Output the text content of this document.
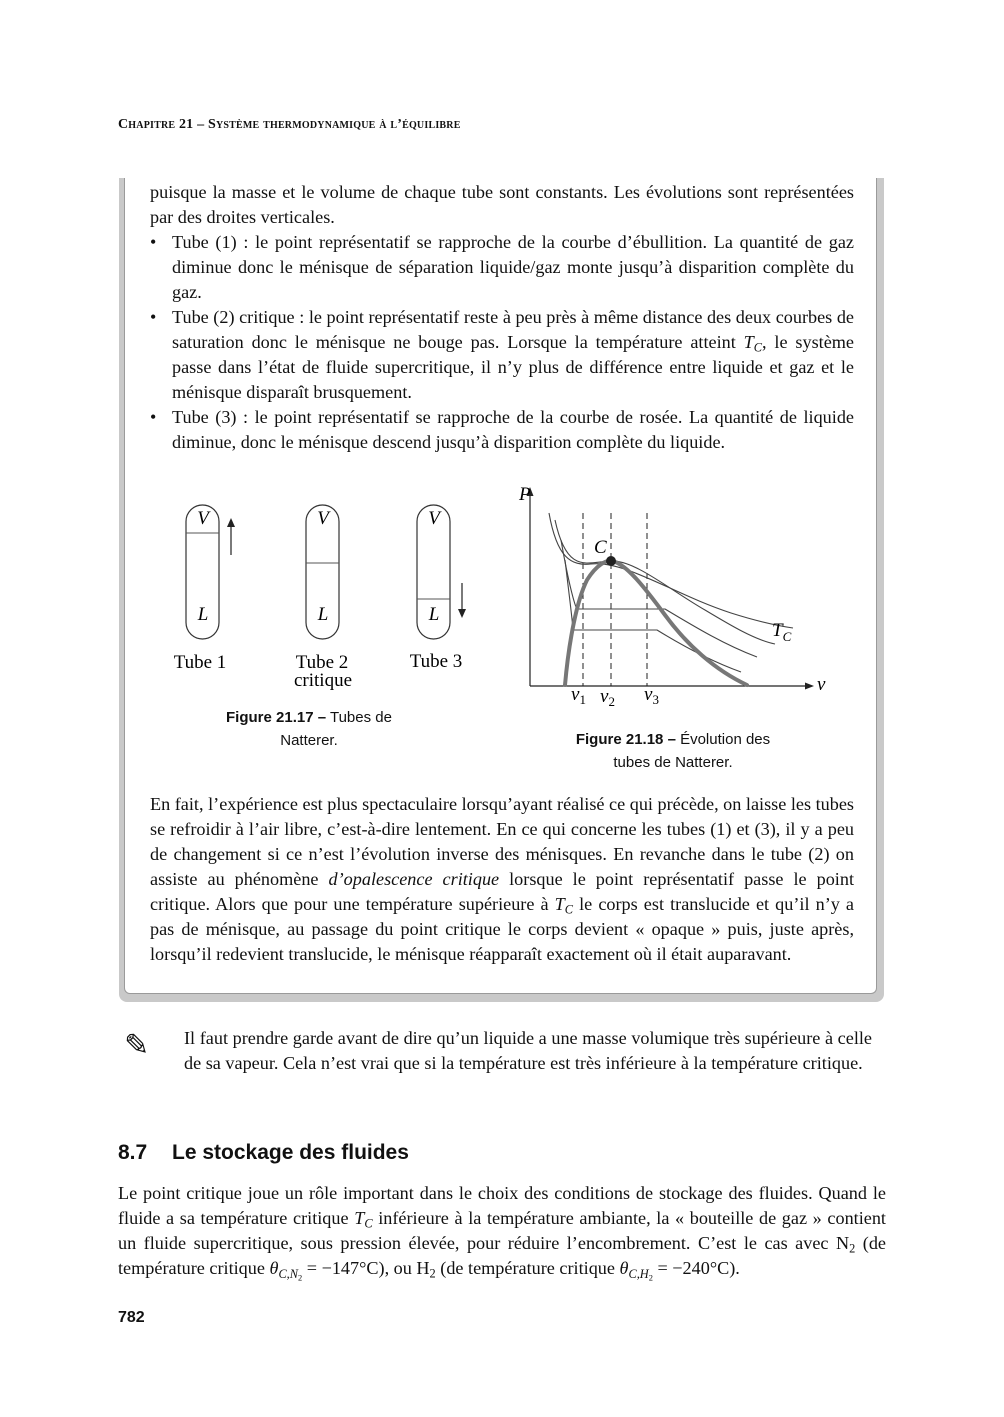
Chapitre 21 – Système thermodynamique à l’équilibre

puisque la masse et le volume de chaque tube sont constants. Les évolutions sont représentées par des droites verticales.

• Tube (1) : le point représentatif se rapproche de la courbe d’ébullition. La quantité de gaz diminue donc le ménisque de séparation liquide/gaz monte jusqu’à disparition complète du gaz.
• Tube (2) critique : le point représentatif reste à peu près à même distance des deux courbes de saturation donc le ménisque ne bouge pas. Lorsque la température atteint $T_C$, le système passe dans l’état de fluide supercritique, il n’y plus de différence entre liquide et gaz et le ménisque disparaît brusquement.
• Tube (3) : le point représentatif se rapproche de la courbe de rosée. La quantité de liquide diminue, donc le ménisque descend jusqu’à disparition complète du liquide.
V
L
Tube 1
V
L
Tube 2
critique
V
L
Tube 3
Figure 21.17 – Tubes de
Natterer.
P
v
C
$T_C$
$v_1$ $v_2$ $v_3$
Figure 21.18 – Évolution des
tubes de Natterer.

En fait, l’expérience est plus spectaculaire lorsqu’ayant réalisé ce qui précède, on laisse les tubes se refroidir à l’air libre, c’est-à-dire lentement. En ce qui concerne les tubes (1) et (3), il y a peu de changement si ce n’est l’évolution inverse des ménisques. En revanche dans le tube (2) on assiste au phénomène d’opalescence critique lorsque le point représentatif passe le point critique. Alors que pour une température supérieure à $T_C$ le corps est translucide et qu’il n’y a pas de ménisque, au passage du point critique le corps devient « opaque » puis, juste après, lorsqu’il redevient translucide, le ménisque réapparaît exactement où il était auparavant.

✎ Il faut prendre garde avant de dire qu’un liquide a une masse volumique très supérieure à celle de sa vapeur. Cela n’est vrai que si la température est très inférieure à la température critique.
8.7 Le stockage des fluides

Le point critique joue un rôle important dans le choix des conditions de stockage des fluides. Quand le fluide a sa température critique $T_C$ inférieure à la température ambiante, la « bouteille de gaz » contient un fluide supercritique, sous pression élevée, pour réduire l’encombrement. C’est le cas avec $N_2$ (de température critique $\theta_{C,N_2} = -147^\circ C$), ou $H_2$ (de température critique $\theta_{C,H_2} = -240^\circ C$).

782
